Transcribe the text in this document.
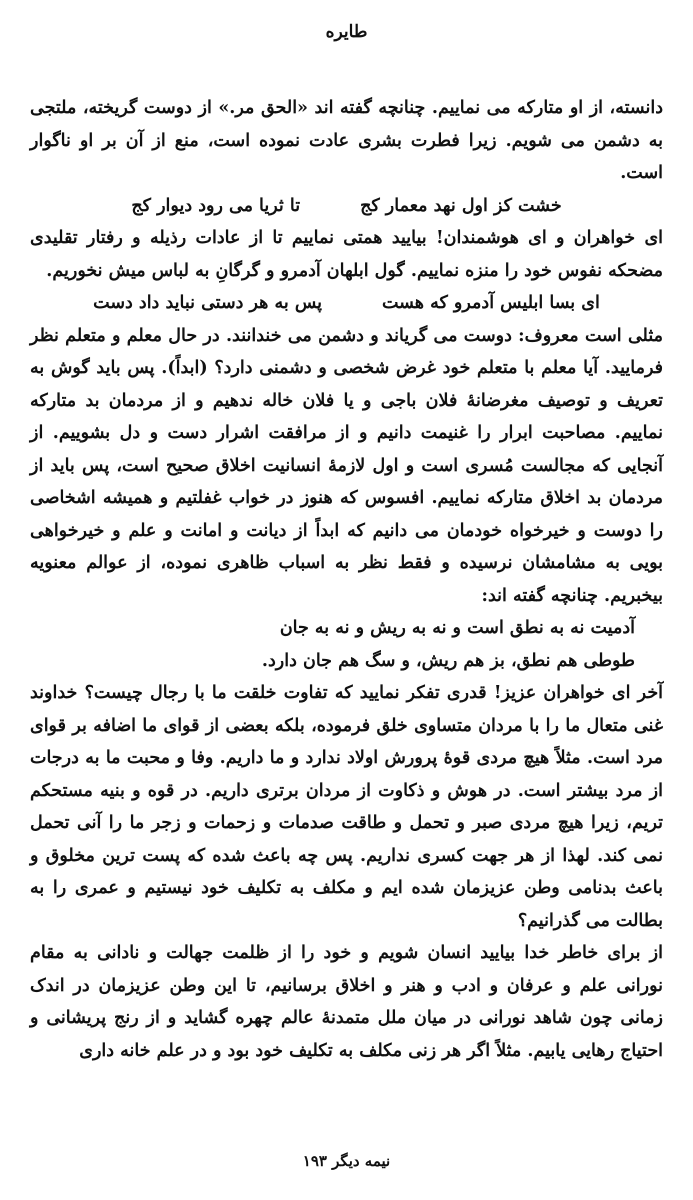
طایره

دانسته، از او متارکه می نماییم. چنانچه گفته اند «الحق مر.» از دوست گریخته، ملتجی به دشمن می شویم. زیرا فطرت بشری عادت نموده است، منع از آن بر او ناگوار است.

خشت کز اول نهد معمار کج
تا ثریا می رود دیوار کج

ای خواهران و ای هوشمندان! بیایید همتی نماییم تا از عادات رذیله و رفتار تقلیدی مضحکه نفوس خود را منزه نماییم. گول ابلهان آدمرو و گرگانِ به لباس میش نخوریم.

ای بسا ابلیس آدمرو که هست
پس به هر دستی نباید داد دست

مثلی است معروف: دوست می گریاند و دشمن می خندانند. در حال معلم و متعلم نظر فرمایید. آیا معلم با متعلم خود غرض شخصی و دشمنی دارد؟ (ابداً). پس باید گوش به تعریف و توصیف مغرضانهٔ فلان باجی و یا فلان خاله ندهیم و از مردمان بد متارکه نماییم. مصاحبت ابرار را غنیمت دانیم و از مرافقت اشرار دست و دل بشوییم. از آنجایی که مجالست مُسری است و اول لازمهٔ انسانیت اخلاق صحیح است، پس باید از مردمان بد اخلاق متارکه نماییم. افسوس که هنوز در خواب غفلتیم و همیشه اشخاصی را دوست و خیرخواه خودمان می دانیم که ابداً از دیانت و امانت و علم و خیرخواهی بویی به مشامشان نرسیده و فقط نظر به اسباب ظاهری نموده، از عوالم معنویه بیخبریم. چنانچه گفته اند:

آدمیت نه به نطق است و نه به ریش و نه به جان

طوطی هم نطق، بز هم ریش، و سگ هم جان دارد.

آخر ای خواهران عزیز! قدری تفکر نمایید که تفاوت خلقت ما با رجال چیست؟ خداوند غنی متعال ما را با مردان متساوی خلق فرموده، بلکه بعضی از قوای ما اضافه بر قوای مرد است. مثلاً هیچ مردی قوهٔ پرورش اولاد ندارد و ما داریم. وفا و محبت ما به درجات از مرد بیشتر است. در هوش و ذکاوت از مردان برتری داریم. در قوه و بنیه مستحکم تریم، زیرا هیچ مردی صبر و تحمل و طاقت صدمات و زحمات و زجر ما را آنی تحمل نمی کند. لهذا از هر جهت کسری نداریم. پس چه باعث شده که پست ترین مخلوق و باعث بدنامی وطن عزیزمان شده ایم و مکلف به تکلیف خود نیستیم و عمری را به بطالت می گذرانیم؟

از برای خاطر خدا بیایید انسان شویم و خود را از ظلمت جهالت و نادانی به مقام نورانی علم و عرفان و ادب و هنر و اخلاق برسانیم، تا این وطن عزیزمان در اندک زمانی چون شاهد نورانی در میان ملل متمدنهٔ عالم چهره گشاید و از رنج پریشانی و احتیاج رهایی یابیم. مثلاً اگر هر زنی مکلف به تکلیف خود بود و در علم خانه داری

نیمه دیگر ۱۹۳
